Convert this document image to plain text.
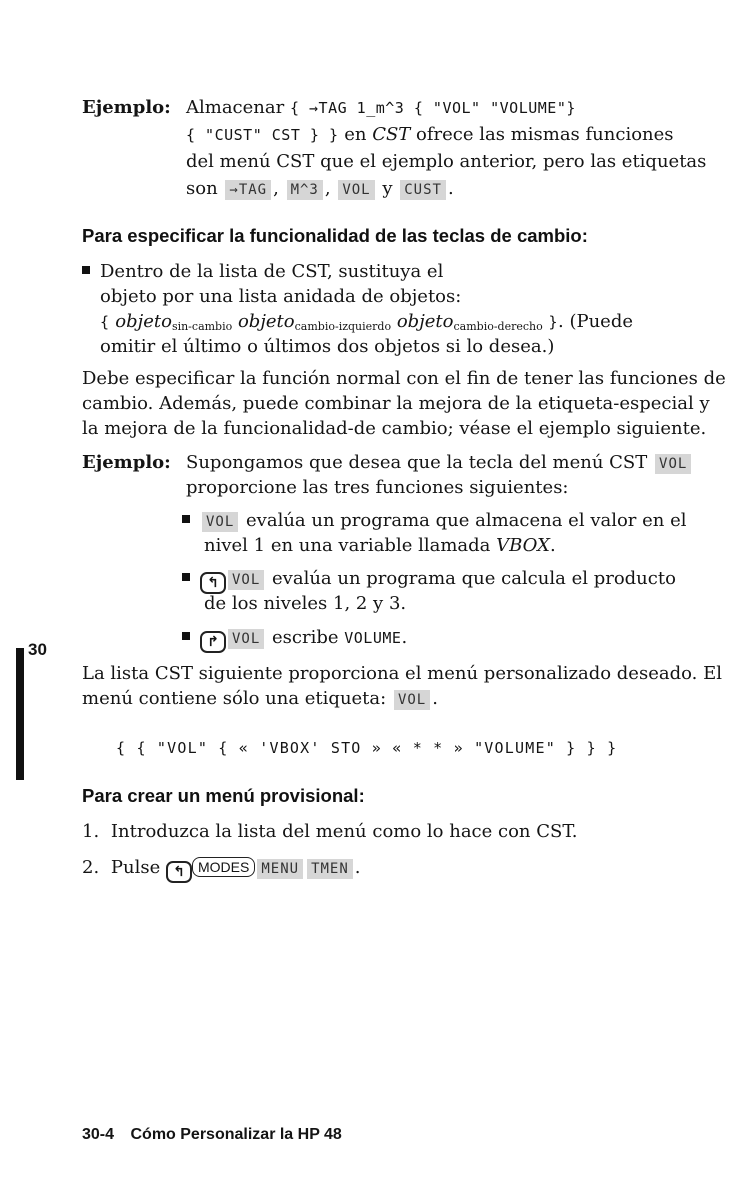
Ejemplo: Almacenar { →TAG 1_m^3 { "VOL" "VOLUME"}
{ "CUST" CST } } en CST ofrece las mismas funciones
del menú CST que el ejemplo anterior, pero las etiquetas
son →TAG , M^3 , VOL y CUST .
Para especificar la funcionalidad de las teclas de cambio:
Dentro de la lista de CST, sustituya el
objeto por una lista anidada de objetos:
{ objeto$_{sin-cambio}$ objeto$_{cambio-izquierdo}$ objeto$_{cambio-derecho}$ }. (Puede
omitir el último o últimos dos objetos si lo desea.)
Debe especificar la función normal con el fin de tener las funciones de
cambio. Además, puede combinar la mejora de la etiqueta-especial y
la mejora de la funcionalidad-de cambio; véase el ejemplo siguiente.
Ejemplo: Supongamos que desea que la tecla del menú CST VOL
proporcione las tres funciones siguientes:
VOL evalúa un programa que almacena el valor en el
nivel 1 en una variable llamada VBOX.
↰ VOL evalúa un programa que calcula el producto
de los niveles 1, 2 y 3.
↱ VOL escribe VOLUME.
30
La lista CST siguiente proporciona el menú personalizado deseado. El
menú contiene sólo una etiqueta: VOL .
{ { "VOL" { « 'VBOX' STO » « * * » "VOLUME" } } }
Para crear un menú provisional:
1. Introduzca la lista del menú como lo hace con CST.
2. Pulse ↰ MODES MENU TMEN .
30-4 Cómo Personalizar la HP 48
